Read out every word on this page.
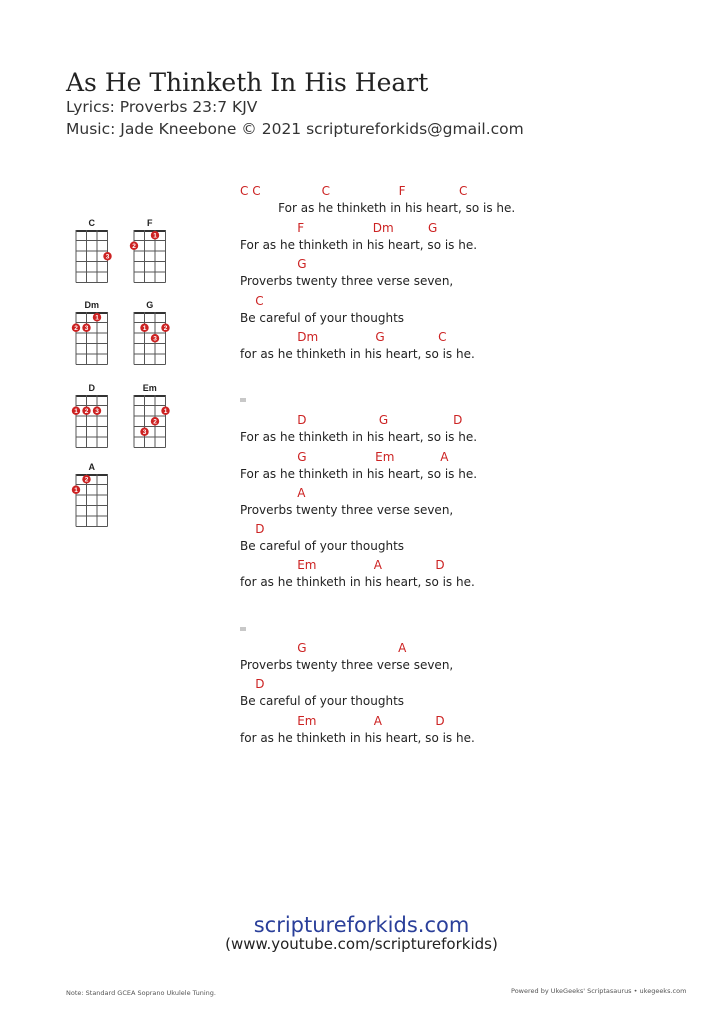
As He Thinketh In His Heart
Lyrics: Proverbs 23:7 KJV
Music: Jade Kneebone © 2021 scriptureforkids@gmail.com
C
3
F
1
2
Dm
1
2 3
G
1	2
3
D
1 2 3
Em
1
2
3
A
1
2
C C                C                  F              C
For as he thinketh in his heart, so is he.
F                  Dm         G
For as he thinketh in his heart, so is he.
G
Proverbs twenty three verse seven,
C
Be careful of your thoughts
Dm               G              C
for as he thinketh in his heart, so is he.
D                   G                 D
For as he thinketh in his heart, so is he.
G                  Em            A
For as he thinketh in his heart, so is he.
A
Proverbs twenty three verse seven,
D
Be careful of your thoughts
Em               A              D
for as he thinketh in his heart, so is he.
G                        A
Proverbs twenty three verse seven,
D
Be careful of your thoughts
Em               A              D
for as he thinketh in his heart, so is he.
scriptureforkids.com
(www.youtube.com/scriptureforkids)
Note: Standard GCEA Soprano Ukulele Tuning.	Powered by UkeGeeks' Scriptasaurus • ukegeeks.com
